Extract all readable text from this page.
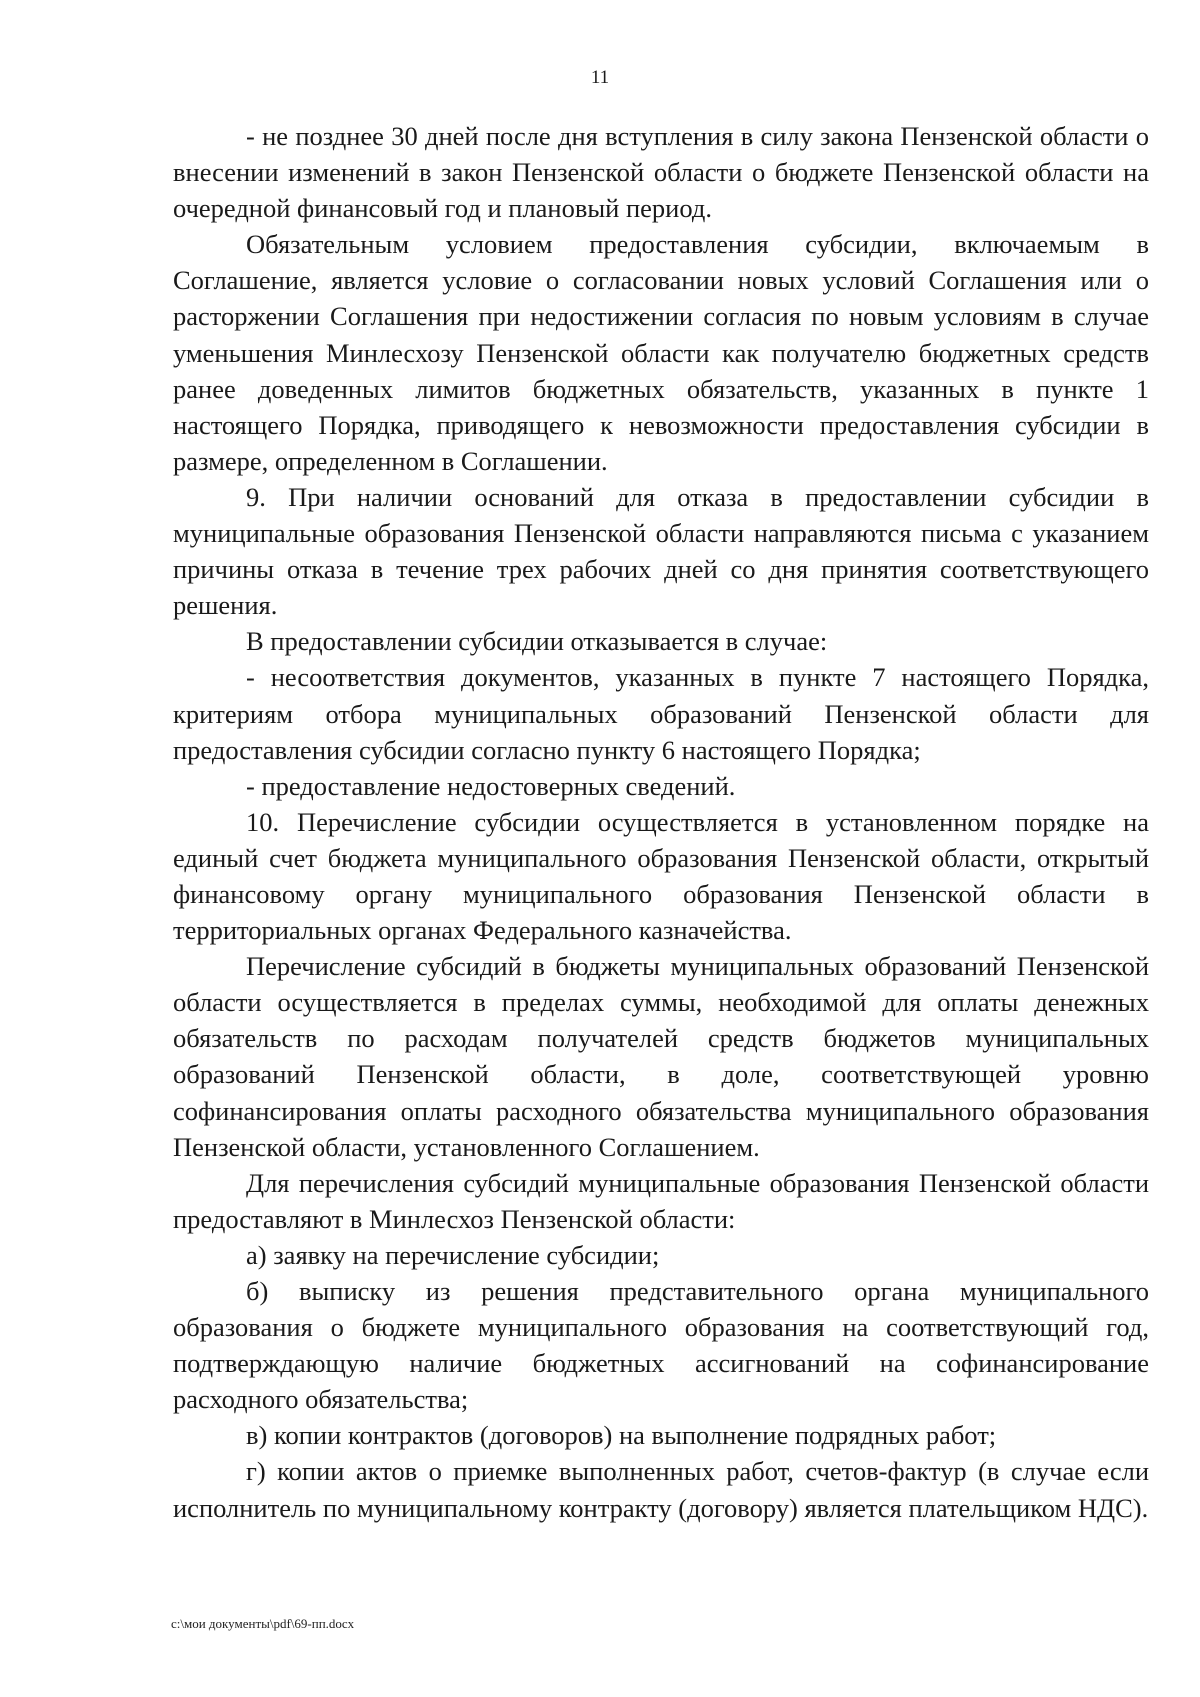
11

- не позднее 30 дней после дня вступления в силу закона Пензенской области о внесении изменений в закон Пензенской области о бюджете Пензенской области на очередной финансовый год и плановый период.

Обязательным условием предоставления субсидии, включаемым в Соглашение, является условие о согласовании новых условий Соглашения или о расторжении Соглашения при недостижении согласия по новым условиям в случае уменьшения Минлесхозу Пензенской области как получателю бюджетных средств ранее доведенных лимитов бюджетных обязательств, указанных в пункте 1 настоящего Порядка, приводящего к невозможности предоставления субсидии в размере, определенном в Соглашении.

9. При наличии оснований для отказа в предоставлении субсидии в муниципальные образования Пензенской области направляются письма с указанием причины отказа в течение трех рабочих дней со дня принятия соответствующего решения.

В предоставлении субсидии отказывается в случае:

- несоответствия документов, указанных в пункте 7 настоящего Порядка, критериям отбора муниципальных образований Пензенской области для предоставления субсидии согласно пункту 6 настоящего Порядка;

- предоставление недостоверных сведений.

10. Перечисление субсидии осуществляется в установленном порядке на единый счет бюджета муниципального образования Пензенской области, открытый финансовому органу муниципального образования Пензенской области в территориальных органах Федерального казначейства.

Перечисление субсидий в бюджеты муниципальных образований Пензенской области осуществляется в пределах суммы, необходимой для оплаты денежных обязательств по расходам получателей средств бюджетов муниципальных образований Пензенской области, в доле, соответствующей уровню софинансирования оплаты расходного обязательства муниципального образования Пензенской области, установленного Соглашением.

Для перечисления субсидий муниципальные образования Пензенской области предоставляют в Минлесхоз Пензенской области:

а) заявку на перечисление субсидии;

б) выписку из решения представительного органа муниципального образования о бюджете муниципального образования на соответствующий год, подтверждающую наличие бюджетных ассигнований на софинансирование расходного обязательства;

в) копии контрактов (договоров) на выполнение подрядных работ;

г) копии актов о приемке выполненных работ, счетов-фактур (в случае если исполнитель по муниципальному контракту (договору) является плательщиком НДС).

c:\мои документы\pdf\69-пп.docx
